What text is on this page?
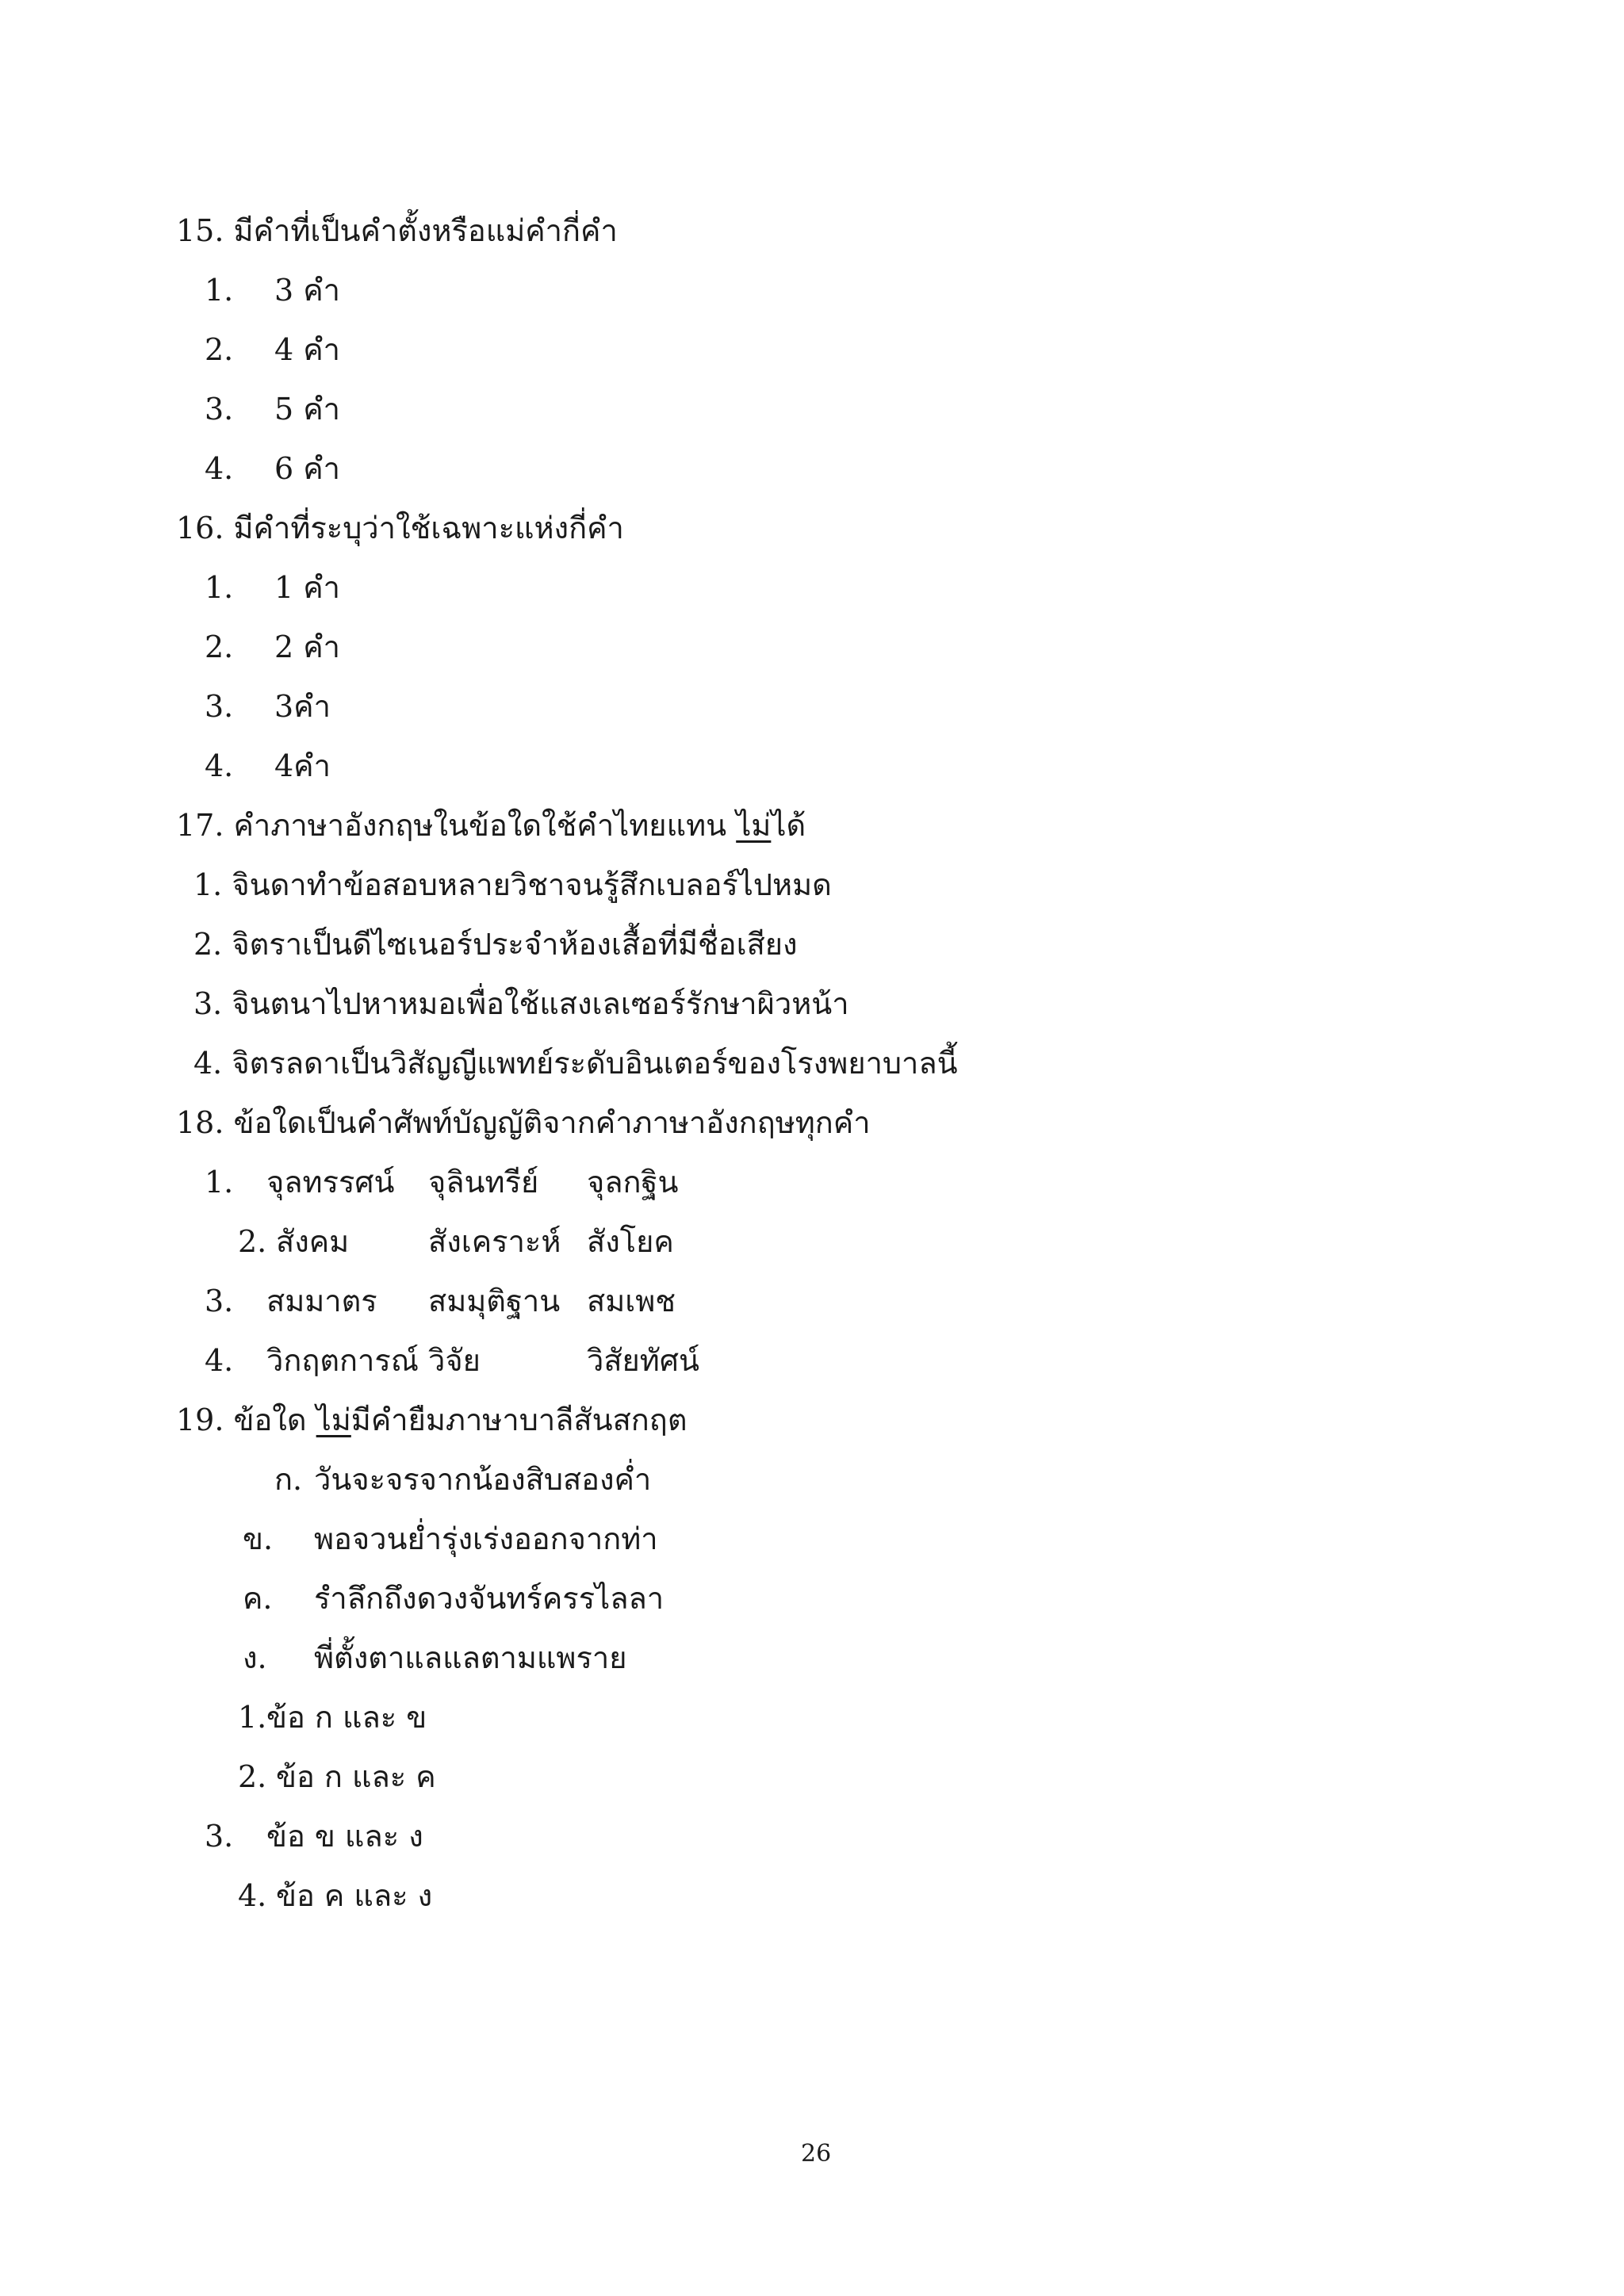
15. มีคำที่เป็นคำตั้งหรือแม่คำกี่คำ
1. 3 คำ
2. 4 คำ
3. 5 คำ
4. 6 คำ
16. มีคำที่ระบุว่าใช้เฉพาะแห่งกี่คำ
1. 1 คำ
2. 2 คำ
3. 3คำ
4. 4คำ
17. คำภาษาอังกฤษในข้อใดใช้คำไทยแทน ไม่ได้
1. จินดาทำข้อสอบหลายวิชาจนรู้สึกเบลอร์ไปหมด
2. จิตราเป็นดีไซเนอร์ประจำห้องเสื้อที่มีชื่อเสียง
3. จินตนาไปหาหมอเพื่อใช้แสงเลเซอร์รักษาผิวหน้า
4. จิตรลดาเป็นวิสัญญีแพทย์ระดับอินเตอร์ของโรงพยาบาลนี้
18. ข้อใดเป็นคำศัพท์บัญญัติจากคำภาษาอังกฤษทุกคำ
1. จุลทรรศน์ จุลินทรีย์ จุลกฐิน
2. สังคม	สังเคราะห์ สังโยค
3. สมมาตร สมมุติฐาน สมเพช
4. วิกฤตการณ์ วิจัย	วิสัยทัศน์
19. ข้อใด ไม่มีคำยืมภาษาบาลีสันสกฤต
ก. วันจะจรจากน้องสิบสองค่ำ
ข. พอจวนย่ำรุ่งเร่งออกจากท่า
ค. รำลึกถึงดวงจันทร์ครรไลลา
ง. พี่ตั้งตาแลแลตามแพราย
1. ข้อ ก และ ข
2. ข้อ ก และ ค
3. ข้อ ข และ ง
4. ข้อ ค และ ง
26
